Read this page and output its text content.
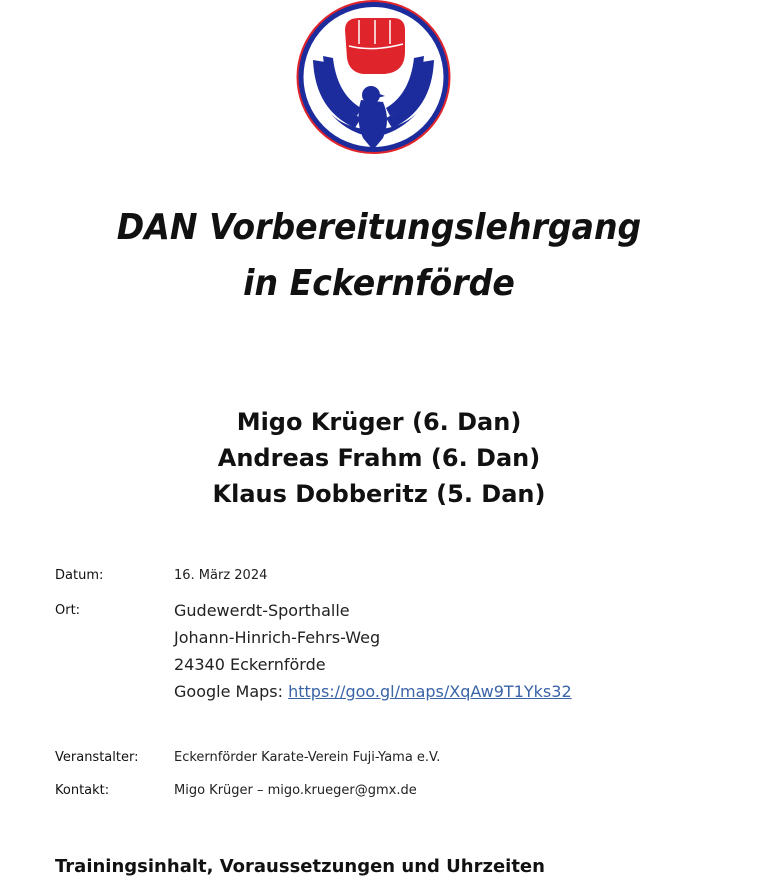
DAN Vorbereitungslehrgang
in Eckernförde
Migo Krüger (6. Dan)
Andreas Frahm (6. Dan)
Klaus Dobberitz (5. Dan)
Datum:	16. März 2024
Ort:	Gudewerdt-Sporthalle
Johann-Hinrich-Fehrs-Weg
24340 Eckernförde
Google Maps: https://goo.gl/maps/XqAw9T1Yks32
Veranstalter:	Eckernförder Karate-Verein Fuji-Yama e.V.
Kontakt:	Migo Krüger – migo.krueger@gmx.de
Trainingsinhalt, Voraussetzungen und Uhrzeiten
